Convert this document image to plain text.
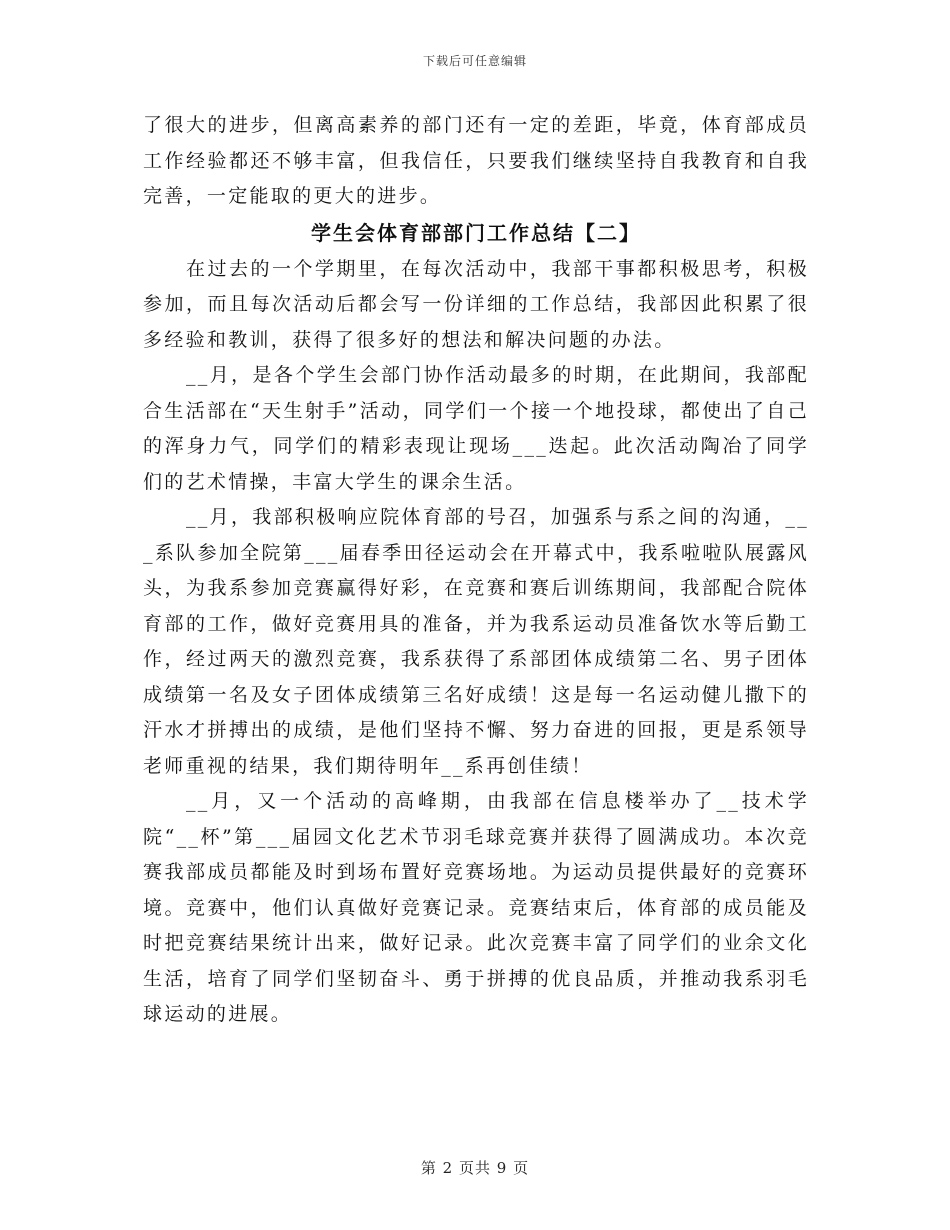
下载后可任意编辑

了很大的进步，但离高素养的部门还有一定的差距，毕竟，体育部成员工作经验都还不够丰富，但我信任，只要我们继续坚持自我教育和自我完善，一定能取的更大的进步。

学生会体育部部门工作总结【二】

在过去的一个学期里，在每次活动中，我部干事都积极思考，积极参加，而且每次活动后都会写一份详细的工作总结，我部因此积累了很多经验和教训，获得了很多好的想法和解决问题的办法。

__月，是各个学生会部门协作活动最多的时期，在此期间，我部配合生活部在“天生射手”活动，同学们一个接一个地投球，都使出了自己的浑身力气，同学们的精彩表现让现场___迭起。此次活动陶冶了同学们的艺术情操，丰富大学生的课余生活。

__月，我部积极响应院体育部的号召，加强系与系之间的沟通，___系队参加全院第___届春季田径运动会在开幕式中，我系啦啦队展露风头，为我系参加竞赛赢得好彩，在竞赛和赛后训练期间，我部配合院体育部的工作，做好竞赛用具的准备，并为我系运动员准备饮水等后勤工作，经过两天的激烈竞赛，我系获得了系部团体成绩第二名、男子团体成绩第一名及女子团体成绩第三名好成绩！这是每一名运动健儿撒下的汗水才拼搏出的成绩，是他们坚持不懈、努力奋进的回报，更是系领导老师重视的结果，我们期待明年__系再创佳绩！

__月，又一个活动的高峰期，由我部在信息楼举办了__技术学院“__杯”第___届园文化艺术节羽毛球竞赛并获得了圆满成功。本次竞赛我部成员都能及时到场布置好竞赛场地。为运动员提供最好的竞赛环境。竞赛中，他们认真做好竞赛记录。竞赛结束后，体育部的成员能及时把竞赛结果统计出来，做好记录。此次竞赛丰富了同学们的业余文化生活，培育了同学们坚韧奋斗、勇于拼搏的优良品质，并推动我系羽毛球运动的进展。

第 2 页共 9 页
